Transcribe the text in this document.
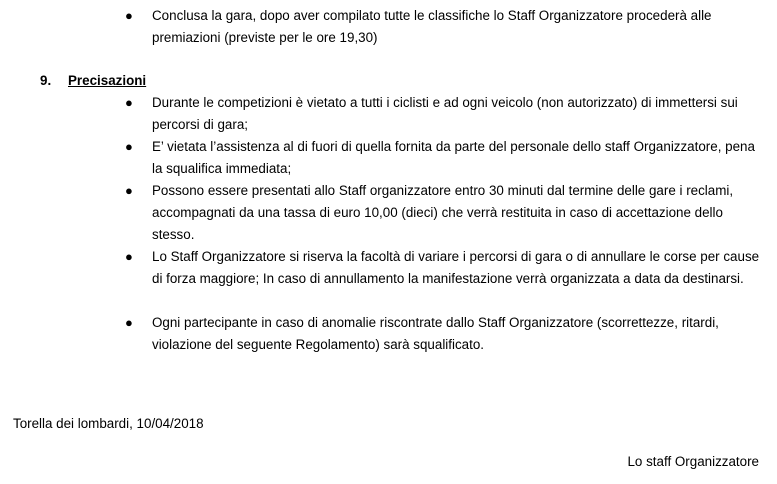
● Conclusa la gara, dopo aver compilato tutte le classifiche lo Staff Organizzatore procederà alle premiazioni (previste per le ore 19,30)
9. Precisazioni
● Durante le competizioni è vietato a tutti i ciclisti e ad ogni veicolo (non autorizzato) di immettersi sui percorsi di gara;
● E’ vietata l’assistenza al di fuori di quella fornita da parte del personale dello staff Organizzatore, pena la squalifica immediata;
● Possono essere presentati allo Staff organizzatore entro 30 minuti dal termine delle gare i reclami, accompagnati da una tassa di euro 10,00 (dieci) che verrà restituita in caso di accettazione dello stesso.
● Lo Staff Organizzatore si riserva la facoltà di variare i percorsi di gara o di annullare le corse per cause di forza maggiore; In caso di annullamento la manifestazione verrà organizzata a data da destinarsi.
● Ogni partecipante in caso di anomalie riscontrate dallo Staff Organizzatore (scorrettezze, ritardi, violazione del seguente Regolamento) sarà squalificato.
Torella dei lombardi, 10/04/2018
Lo staff Organizzatore
